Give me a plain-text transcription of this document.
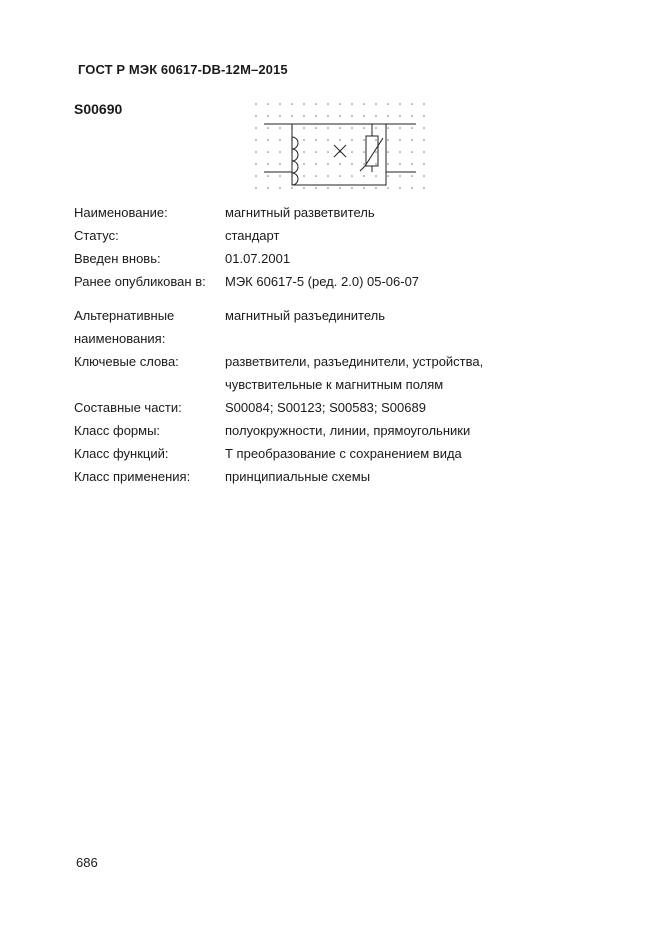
ГОСТ Р МЭК 60617-DB-12M–2015
S00690
Наименование:	магнитный разветвитель
Статус:	стандарт
Введен вновь:	01.07.2001
Ранее опубликован в:	МЭК 60617-5 (ред. 2.0) 05-06-07
Альтернативные наименования:
магнитный разъединитель
Ключевые слова:	разветвители, разъединители, устройства, чувствительные к магнитным полям
Составные части:	S00084; S00123; S00583; S00689
Класс формы:	полуокружности, линии, прямоугольники
Класс функций:	Т преобразование с сохранением вида
Класс применения:	принципиальные схемы
686
